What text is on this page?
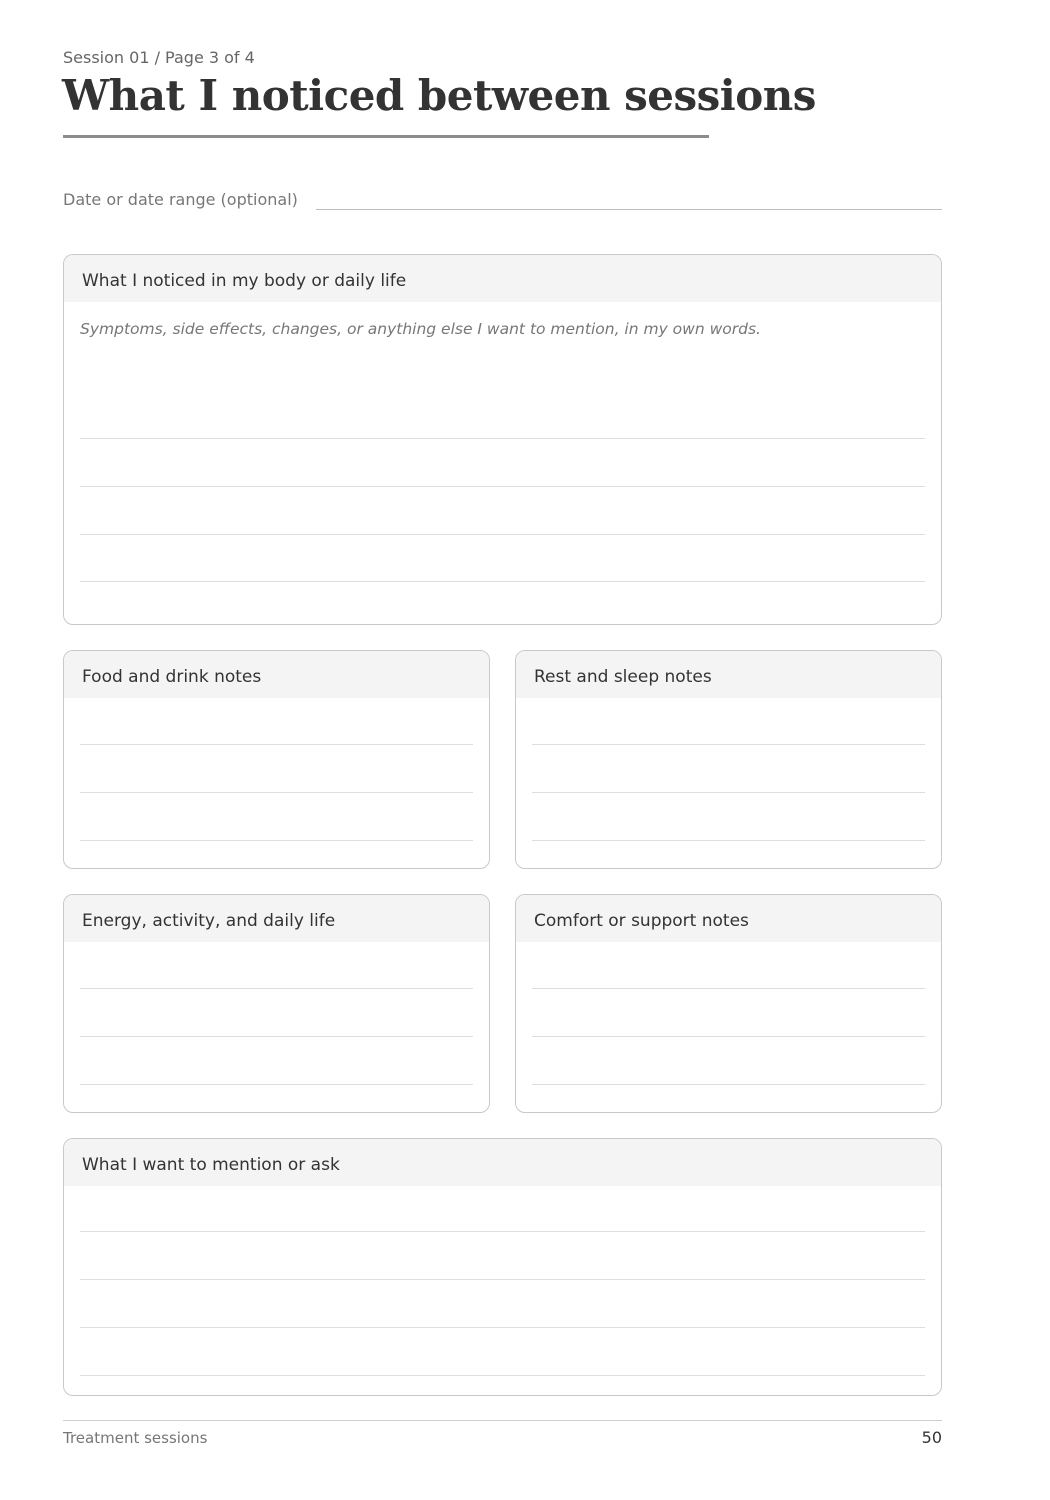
Session 01 / Page 3 of 4
What I noticed between sessions
Date or date range (optional)
What I noticed in my body or daily life
Symptoms, side effects, changes, or anything else I want to mention, in my own words.
Food and drink notes	Rest and sleep notes
Energy, activity, and daily life	Comfort or support notes
What I want to mention or ask
Treatment sessions	50
